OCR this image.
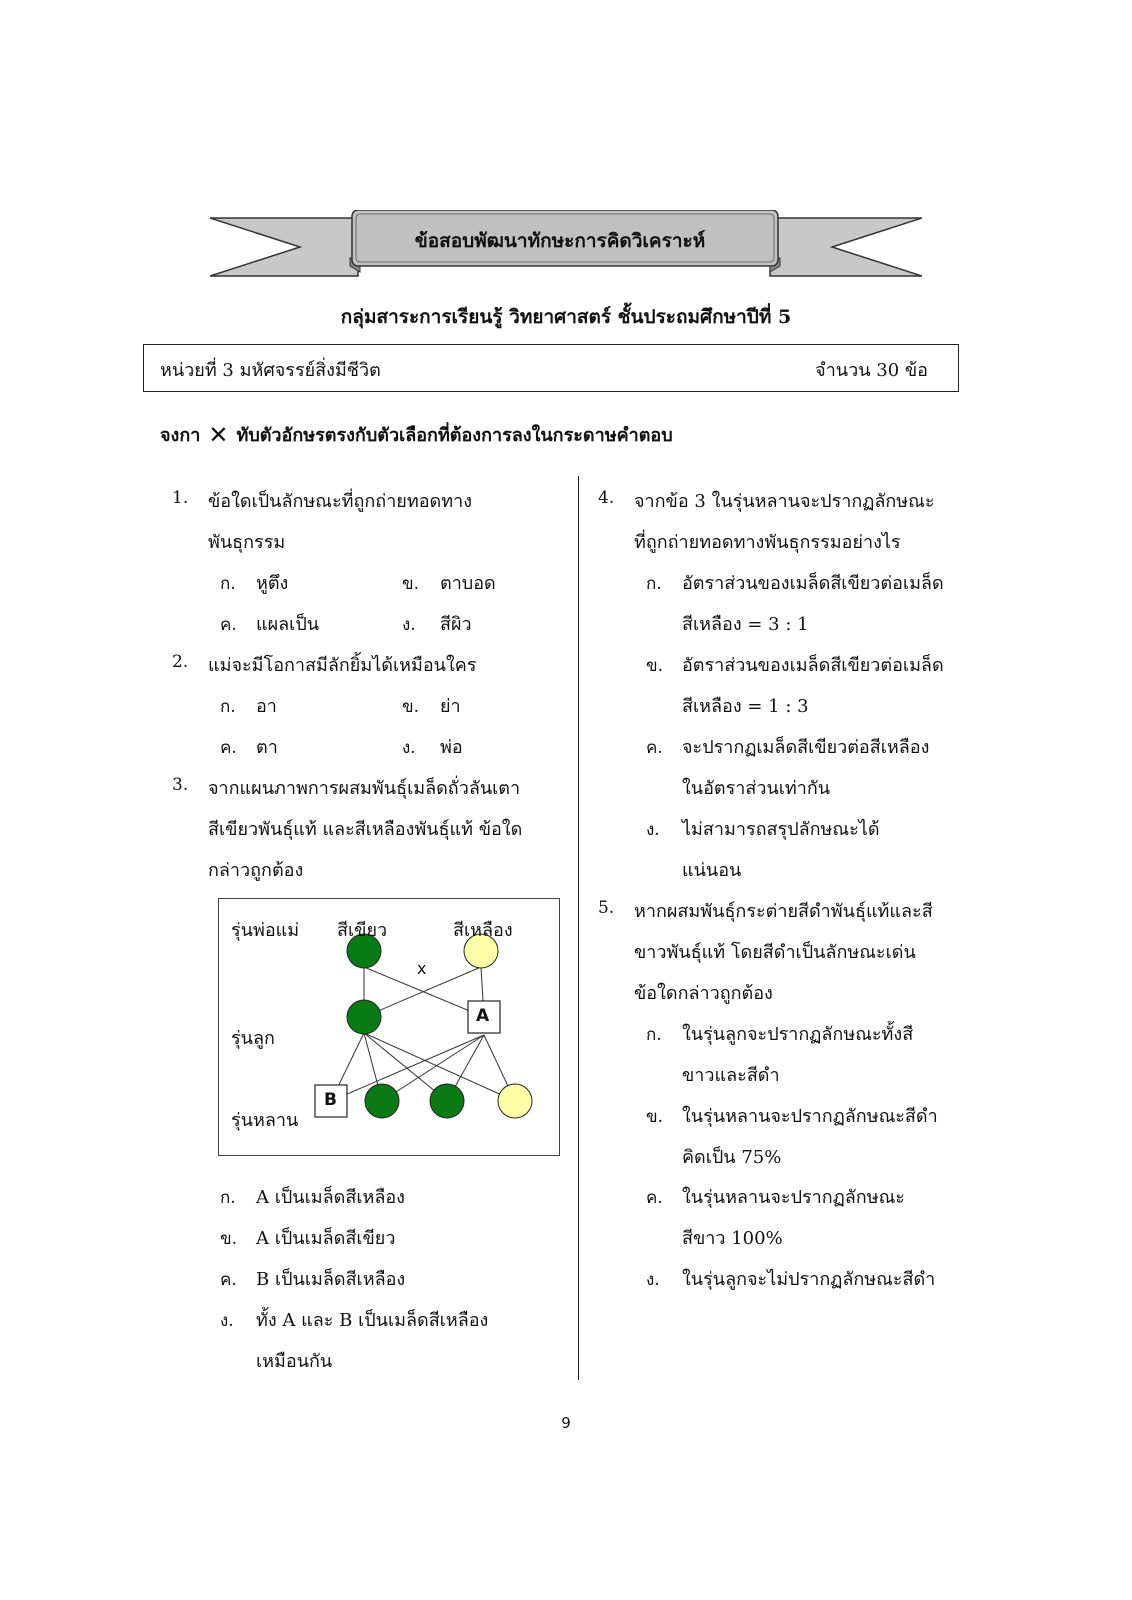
ข้อสอบพัฒนาทักษะการคิดวิเคราะห์
กลุ่มสาระการเรียนรู้ วิทยาศาสตร์ ชั้นประถมศึกษาปีที่ 5
หน่วยที่ 3 มหัศจรรย์สิ่งมีชีวิต	จำนวน 30 ข้อ
จงกา ✕ ทับตัวอักษรตรงกับตัวเลือกที่ต้องการลงในกระดาษคำตอบ
1. ข้อใดเป็นลักษณะที่ถูกถ่ายทอดทาง
พันธุกรรม
ก. หูตึง	ข. ตาบอด
ค. แผลเป็น	ง. สีผิว
2. แม่จะมีโอกาสมีลักยิ้มได้เหมือนใคร
ก. อา	ข. ย่า
ค. ตา	ง. พ่อ
3. จากแผนภาพการผสมพันธุ์เมล็ดถั่วลันเตา
สีเขียวพันธุ์แท้ และสีเหลืองพันธุ์แท้ ข้อใด
กล่าวถูกต้อง
รุ่นพ่อแม่ สีเขียว	สีเหลือง
x
รุ่นลูก
รุ่นหลาน
A
B
ก. A เป็นเมล็ดสีเหลือง
ข. A เป็นเมล็ดสีเขียว
ค. B เป็นเมล็ดสีเหลือง
ง. ทั้ง A และ B เป็นเมล็ดสีเหลือง
เหมือนกัน
4. จากข้อ 3 ในรุ่นหลานจะปรากฏลักษณะ
ที่ถูกถ่ายทอดทางพันธุกรรมอย่างไร
ก. อัตราส่วนของเมล็ดสีเขียวต่อเมล็ด
สีเหลือง = 3 : 1
ข. อัตราส่วนของเมล็ดสีเขียวต่อเมล็ด
สีเหลือง = 1 : 3
ค. จะปรากฏเมล็ดสีเขียวต่อสีเหลือง
ในอัตราส่วนเท่ากัน
ง. ไม่สามารถสรุปลักษณะได้
แน่นอน
5. หากผสมพันธุ์กระต่ายสีดำพันธุ์แท้และสี
ขาวพันธุ์แท้ โดยสีดำเป็นลักษณะเด่น
ข้อใดกล่าวถูกต้อง
ก. ในรุ่นลูกจะปรากฏลักษณะทั้งสี
ขาวและสีดำ
ข. ในรุ่นหลานจะปรากฏลักษณะสีดำ
คิดเป็น 75%
ค. ในรุ่นหลานจะปรากฏลักษณะ
สีขาว 100%
ง. ในรุ่นลูกจะไม่ปรากฏลักษณะสีดำ
9
